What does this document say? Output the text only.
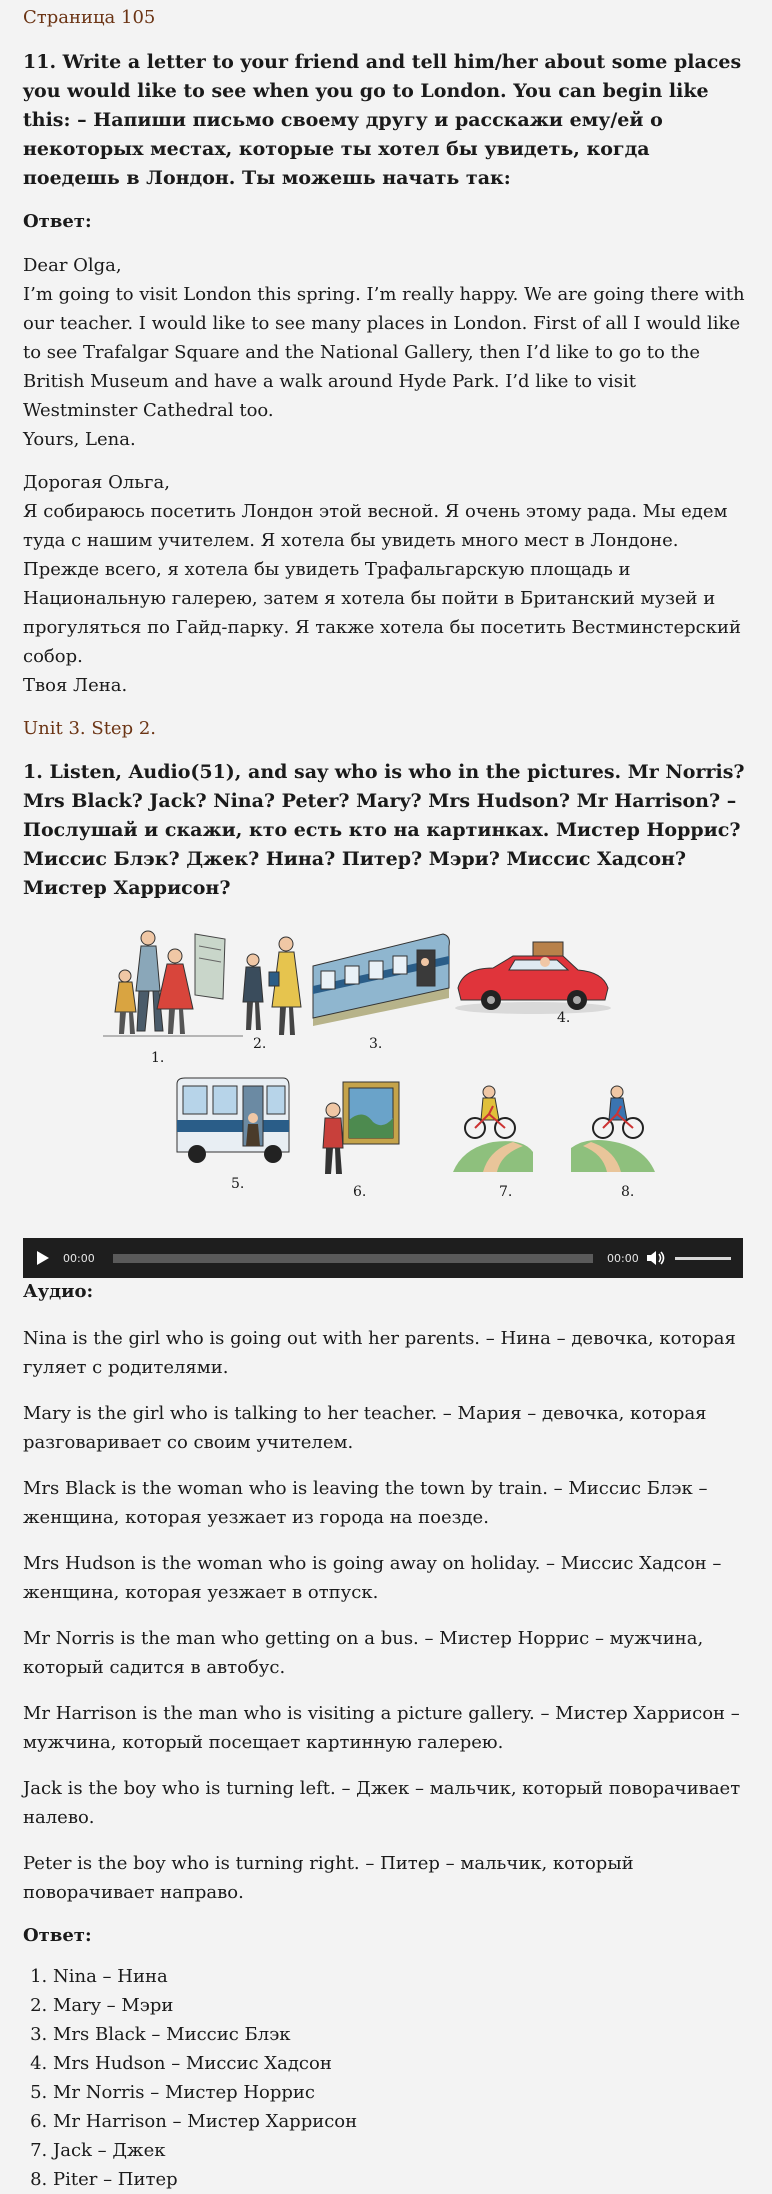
Страница 105

11. Write a letter to your friend and tell him/her about some places you would like to see when you go to London. You can begin like this: – Напиши письмо своему другу и расскажи ему/ей о некоторых местах, которые ты хотел бы увидеть, когда поедешь в Лондон. Ты можешь начать так:

Ответ:

Dear Olga,

I’m going to visit London this spring. I’m really happy. We are going there with our teacher. I would like to see many places in London. First of all I would like to see Trafalgar Square and the National Gallery, then I’d like to go to the British Museum and have a walk around Hyde Park. I’d like to visit Westminster Cathedral too.

Yours, Lena.

Дорогая Ольга,

Я собираюсь посетить Лондон этой весной. Я очень этому рада. Мы едем туда с нашим учителем. Я хотела бы увидеть много мест в Лондоне. Прежде всего, я хотела бы увидеть Трафальгарскую площадь и Национальную галерею, затем я хотела бы пойти в Британский музей и прогуляться по Гайд-парку. Я также хотела бы посетить Вестминстерский собор.

Твоя Лена.

Unit 3. Step 2.

1. Listen, Audio(51), and say who is who in the pictures. Mr Norris? Mrs Black? Jack? Nina? Peter? Mary? Mrs Hudson? Mr Harrison? – Послушай и скажи, кто есть кто на картинках. Мистер Норрис? Миссис Блэк? Джек? Нина? Питер? Мэри? Миссис Хадсон? Мистер Харрисон?

1.
2.	3.
4.
5.	6.	7.	8.
00:00	00:00

Аудио:

Nina is the girl who is going out with her parents. – Нина – девочка, которая гуляет с родителями.

Mary is the girl who is talking to her teacher. – Мария – девочка, которая разговаривает со своим учителем.

Mrs Black is the woman who is leaving the town by train. – Миссис Блэк – женщина, которая уезжает из города на поезде.

Mrs Hudson is the woman who is going away on holiday. – Миссис Хадсон – женщина, которая уезжает в отпуск.

Mr Norris is the man who getting on a bus. – Мистер Норрис – мужчина, который садится в автобус.

Mr Harrison is the man who is visiting a picture gallery. – Мистер Харрисон – мужчина, который посещает картинную галерею.

Jack is the boy who is turning left. – Джек – мальчик, который поворачивает налево.

Peter is the boy who is turning right. – Питер – мальчик, который поворачивает направо.

Ответ:

1. Nina – Нина
2. Mary – Мэри
3. Mrs Black – Миссис Блэк
4. Mrs Hudson – Миссис Хадсон
5. Mr Norris – Мистер Норрис
6. Mr Harrison – Мистер Харрисон
7. Jack – Джек
8. Piter – Питер
